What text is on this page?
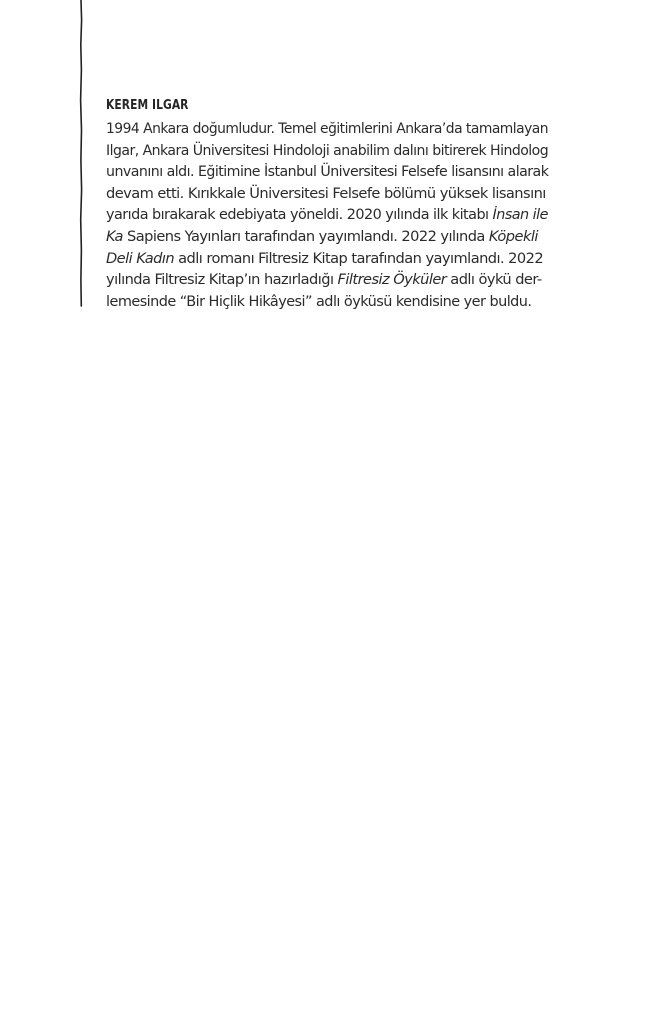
KEREM ILGAR
1994 Ankara doğumludur. Temel eğitimlerini Ankara’da tamamlayan
Ilgar, Ankara Üniversitesi Hindoloji anabilim dalını bitirerek Hindolog
unvanını aldı. Eğitimine İstanbul Üniversitesi Felsefe lisansını alarak
devam etti. Kırıkkale Üniversitesi Felsefe bölümü yüksek lisansını
yarıda bırakarak edebiyata yöneldi. 2020 yılında ilk kitabı İnsan ile
Ka Sapiens Yayınları tarafından yayımlandı. 2022 yılında Köpekli
Deli Kadın adlı romanı Filtresiz Kitap tarafından yayımlandı. 2022
yılında Filtresiz Kitap’ın hazırladığı Filtresiz Öyküler adlı öykü der-
lemesinde “Bir Hiçlik Hikâyesi” adlı öyküsü kendisine yer buldu.
